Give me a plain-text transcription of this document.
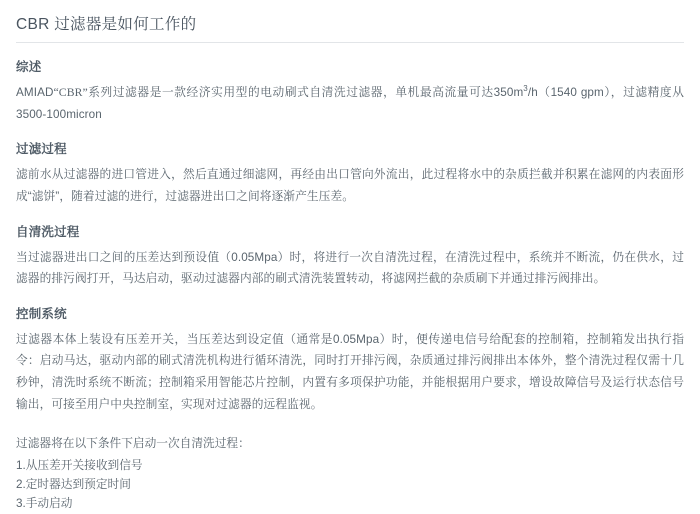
CBR 过滤器是如何工作的
综述

AMIAD“CBR”系列过滤器是一款经济实用型的电动刷式自清洗过滤器，单机最高流量可达$350m^3/h(1540$ gpm），过滤精度从3500-100micron

过滤过程

滤前水从过滤器的进口管进入，然后直通过细滤网，再经由出口管向外流出，此过程将水中的杂质拦截并积累在滤网的内表面形成“滤饼”，随着过滤的进行，过滤器进出口之间将逐渐产生压差。

自清洗过程

当过滤器进出口之间的压差达到预设值（0.05Mpa）时，将进行一次自清洗过程，在清洗过程中，系统并不断流，仍在供水，过滤器的排污阀打开，马达启动，驱动过滤器内部的刷式清洗装置转动，将滤网拦截的杂质刷下并通过排污阀排出。

控制系统

过滤器本体上装设有压差开关，当压差达到设定值（通常是0.05Mpa）时，便传递电信号给配套的控制箱，控制箱发出执行指令：启动马达，驱动内部的刷式清洗机构进行循环清洗，同时打开排污阀，杂质通过排污阀排出本体外，整个清洗过程仅需十几秒钟，清洗时系统不断流；控制箱采用智能芯片控制，内置有多项保护功能，并能根据用户要求，增设故障信号及运行状态信号输出，可接至用户中央控制室，实现对过滤器的远程监视。

过滤器将在以下条件下启动一次自清洗过程：

1.从压差开关接收到信号
2.定时器达到预定时间
3.手动启动
